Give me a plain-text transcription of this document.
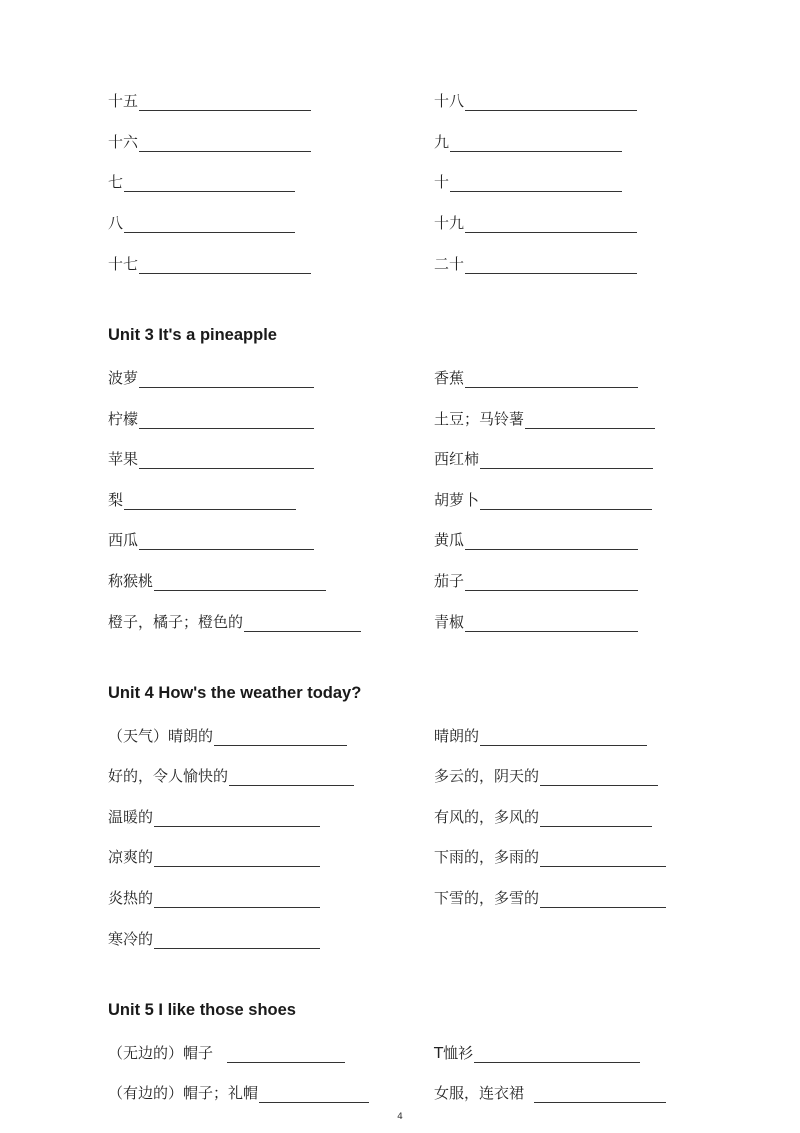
十五
十六
七
八
十七
十八
九
十
十九
二十
Unit 3 It's a pineapple
波萝
柠檬
苹果
梨
西瓜
称猴桃
橙子，橘子；橙色的
香蕉
土豆；马铃薯
西红柿
胡萝卜
黄瓜
茄子
青椒
Unit 4 How's the weather today?
（天气）晴朗的
好的，令人愉快的
温暖的
凉爽的
炎热的
寒冷的
晴朗的
多云的，阴天的
有风的，多风的
下雨的，多雨的
下雪的，多雪的
Unit 5 I like those shoes
（无边的）帽子
（有边的）帽子；礼帽
T恤衫
女服，连衣裙
4
